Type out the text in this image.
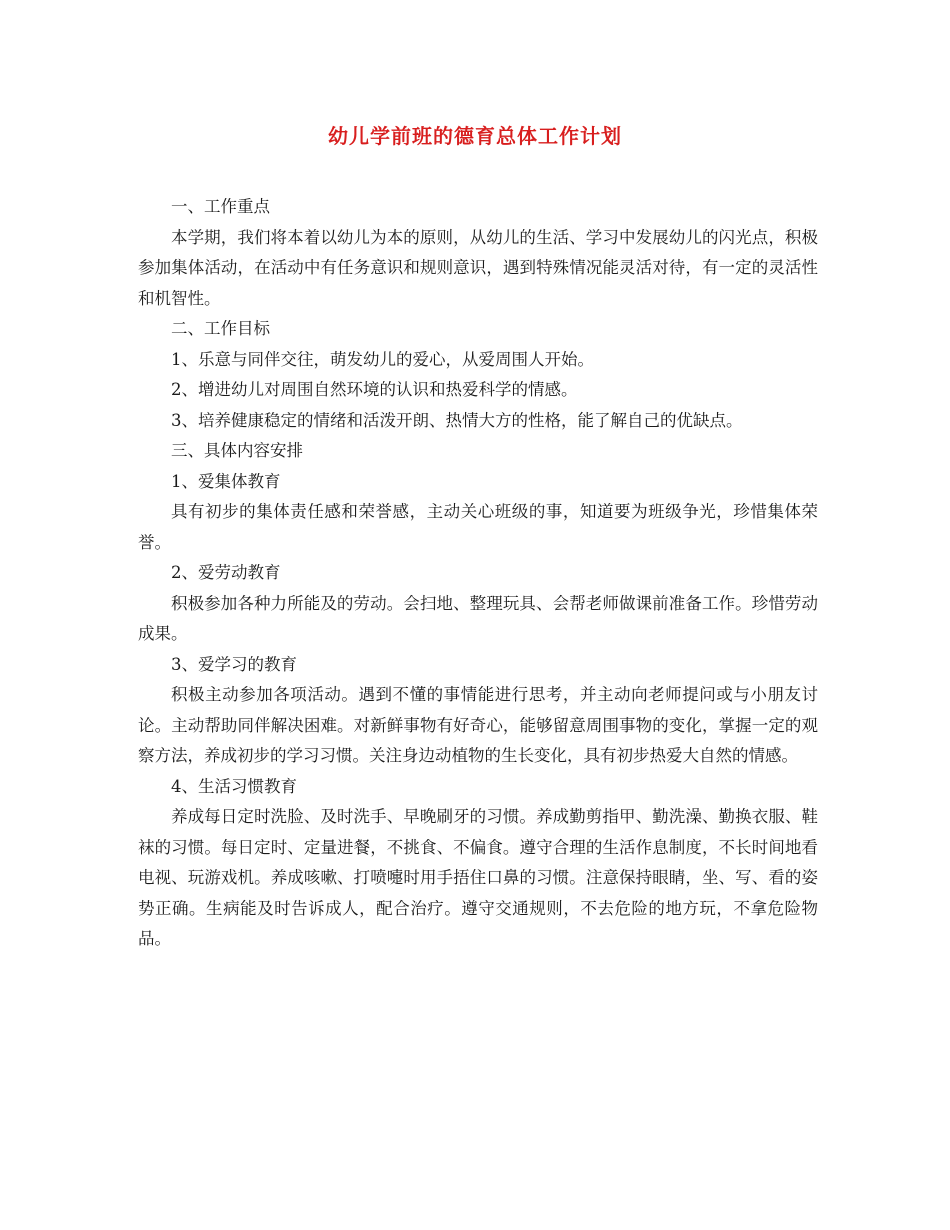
幼儿学前班的德育总体工作计划

一、工作重点

本学期，我们将本着以幼儿为本的原则，从幼儿的生活、学习中发展幼儿的闪光点，积极参加集体活动，在活动中有任务意识和规则意识，遇到特殊情况能灵活对待，有一定的灵活性和机智性。

二、工作目标

1、乐意与同伴交往，萌发幼儿的爱心，从爱周围人开始。

2、增进幼儿对周围自然环境的认识和热爱科学的情感。

3、培养健康稳定的情绪和活泼开朗、热情大方的性格，能了解自己的优缺点。

三、具体内容安排

1、爱集体教育

具有初步的集体责任感和荣誉感，主动关心班级的事，知道要为班级争光，珍惜集体荣誉。

2、爱劳动教育

积极参加各种力所能及的劳动。会扫地、整理玩具、会帮老师做课前准备工作。珍惜劳动成果。

3、爱学习的教育

积极主动参加各项活动。遇到不懂的事情能进行思考，并主动向老师提问或与小朋友讨论。主动帮助同伴解决困难。对新鲜事物有好奇心，能够留意周围事物的变化，掌握一定的观察方法，养成初步的学习习惯。关注身边动植物的生长变化，具有初步热爱大自然的情感。

4、生活习惯教育

养成每日定时洗脸、及时洗手、早晚刷牙的习惯。养成勤剪指甲、勤洗澡、勤换衣服、鞋袜的习惯。每日定时、定量进餐，不挑食、不偏食。遵守合理的生活作息制度，不长时间地看电视、玩游戏机。养成咳嗽、打喷嚏时用手捂住口鼻的习惯。注意保持眼睛，坐、写、看的姿势正确。生病能及时告诉成人，配合治疗。遵守交通规则，不去危险的地方玩，不拿危险物品。
